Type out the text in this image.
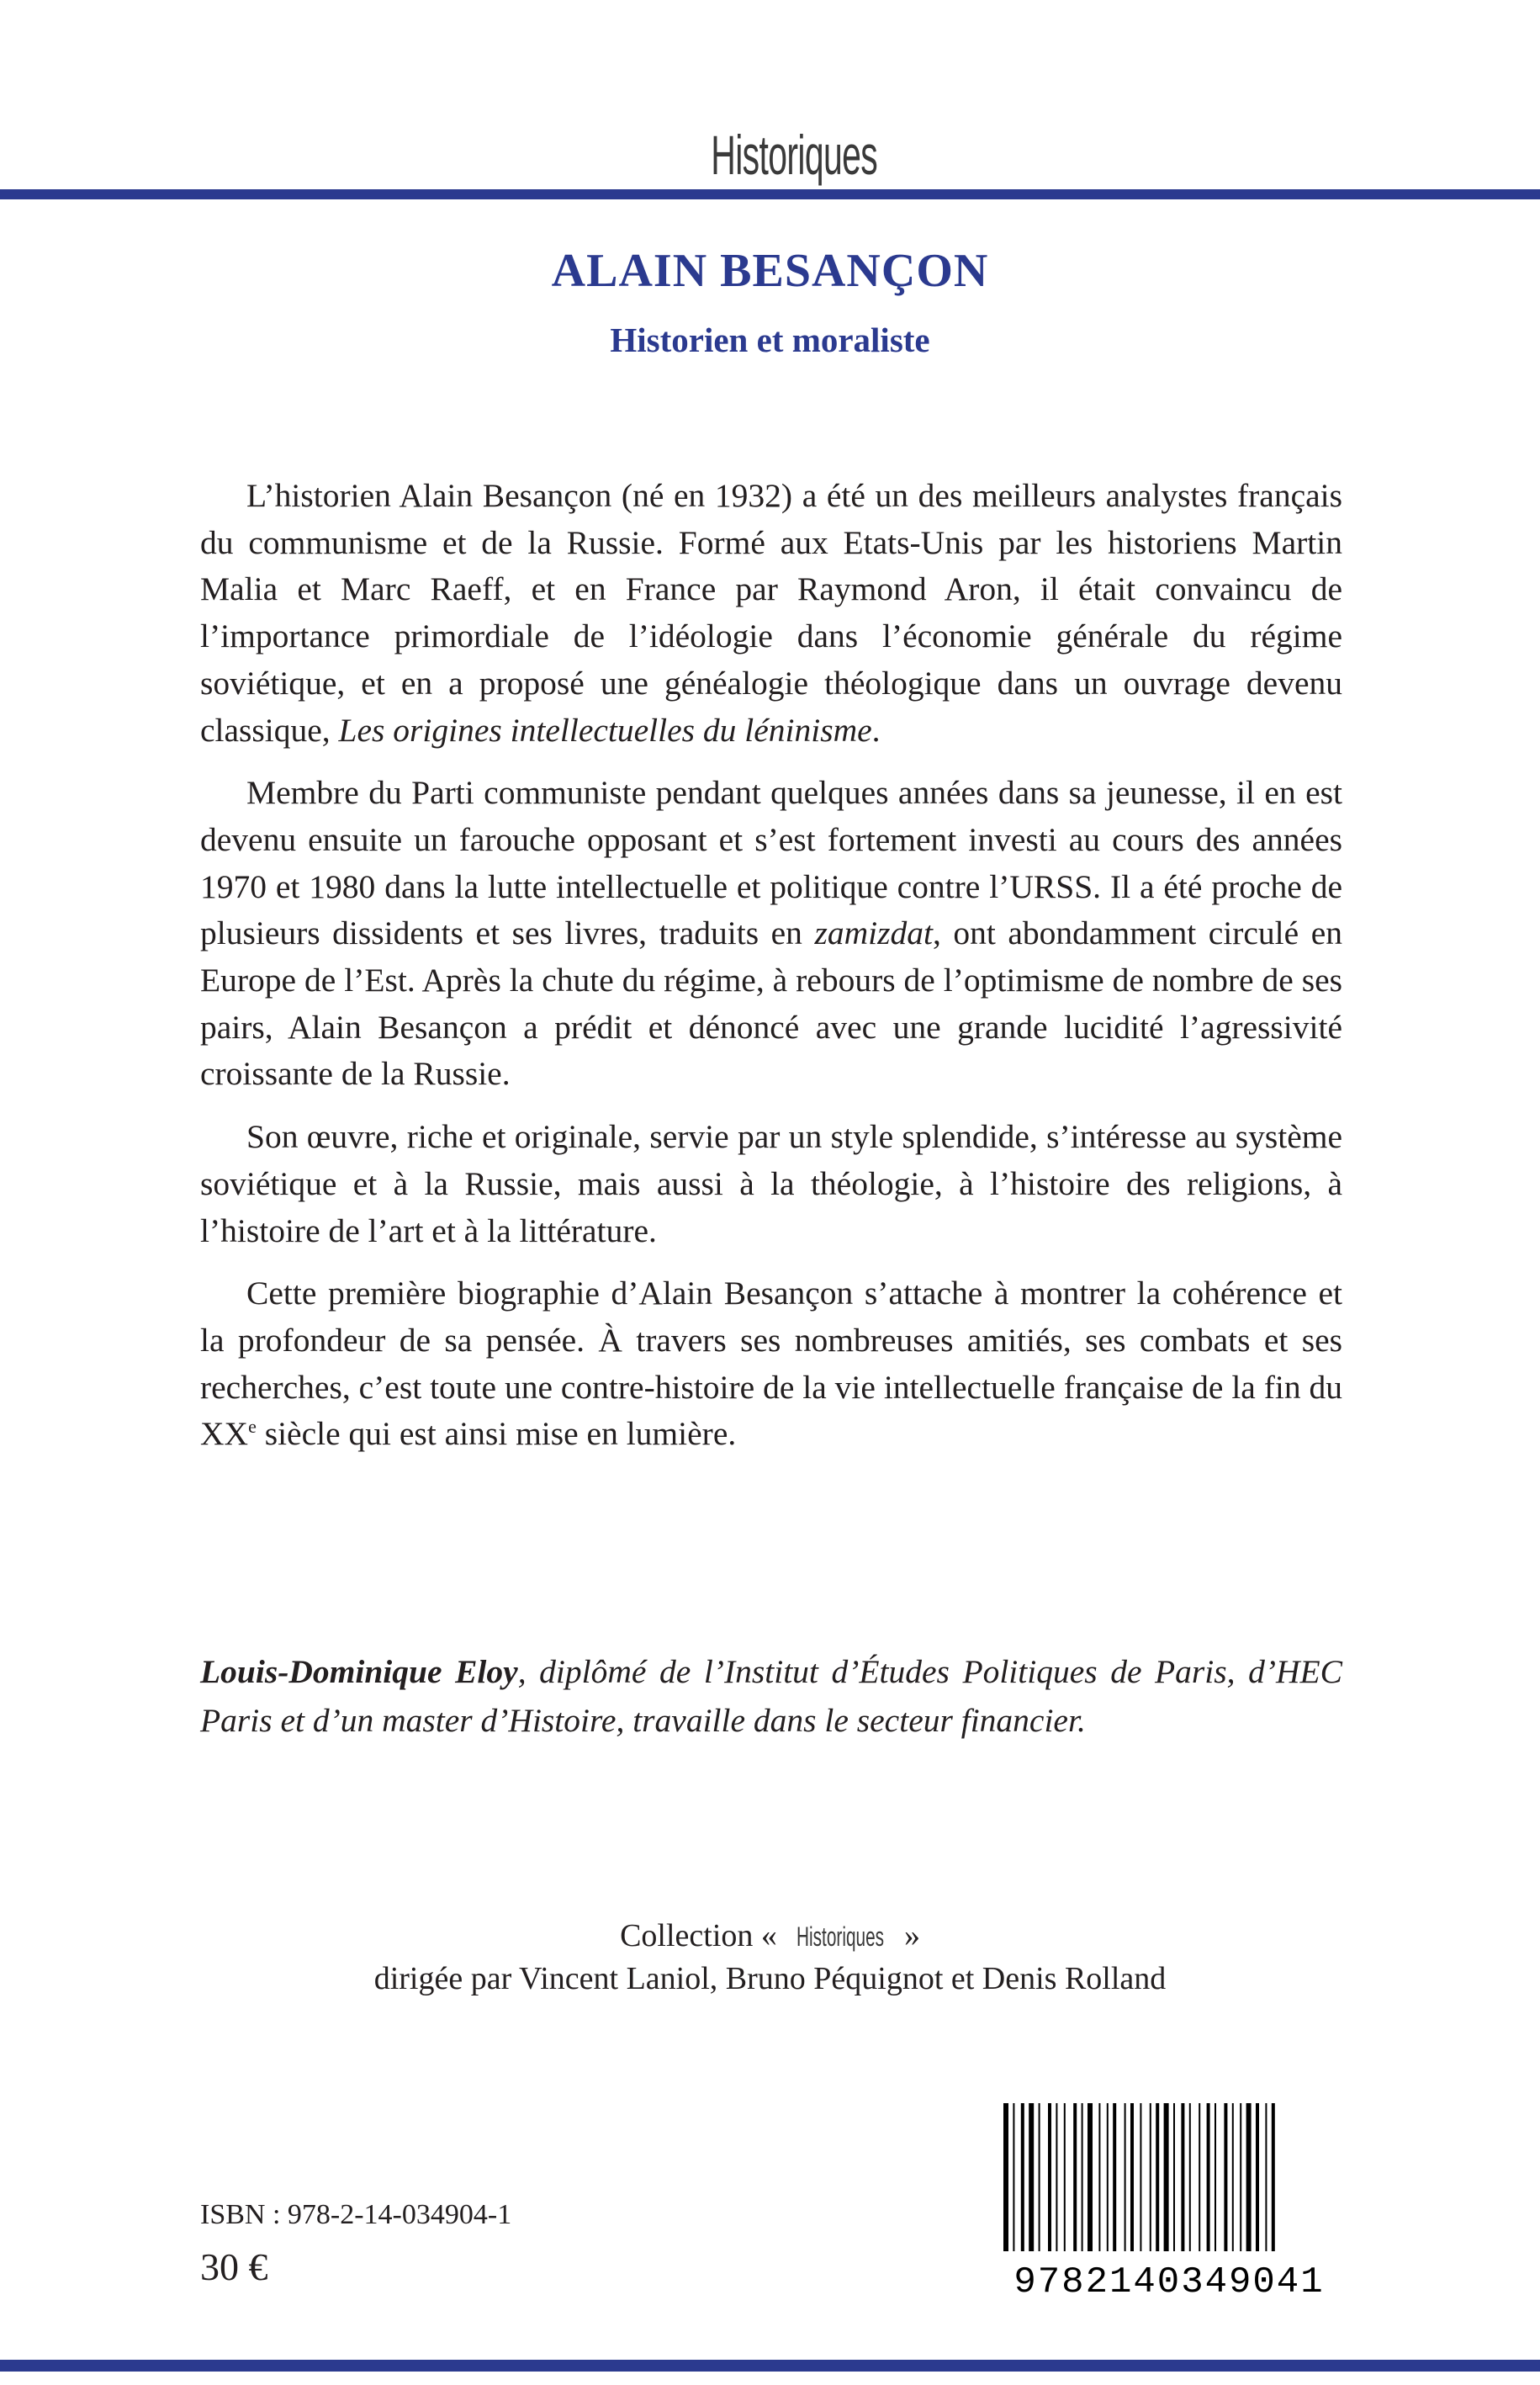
Historiques
ALAIN BESANÇON
Historien et moraliste

L’historien Alain Besançon (né en 1932) a été un des meilleurs analystes français du communisme et de la Russie. Formé aux Etats-Unis par les historiens Martin Malia et Marc Raeff, et en France par Raymond Aron, il était convaincu de l’importance primordiale de l’idéologie dans l’économie générale du régime soviétique, et en a proposé une généalogie théologique dans un ouvrage devenu classique, Les origines intellectuelles du léninisme.

Membre du Parti communiste pendant quelques années dans sa jeunesse, il en est devenu ensuite un farouche opposant et s’est fortement investi au cours des années 1970 et 1980 dans la lutte intellectuelle et politique contre l’URSS. Il a été proche de plusieurs dissidents et ses livres, traduits en zamizdat, ont abondamment circulé en Europe de l’Est. Après la chute du régime, à rebours de l’optimisme de nombre de ses pairs, Alain Besançon a prédit et dénoncé avec une grande lucidité l’agressivité croissante de la Russie.

Son œuvre, riche et originale, servie par un style splendide, s’intéresse au système soviétique et à la Russie, mais aussi à la théologie, à l’histoire des religions, à l’histoire de l’art et à la littérature.

Cette première biographie d’Alain Besançon s’attache à montrer la cohérence et la profondeur de sa pensée. À travers ses nombreuses amitiés, ses combats et ses recherches, c’est toute une contre-histoire de la vie intellectuelle française de la fin du XXe siècle qui est ainsi mise en lumière.

Louis-Dominique Eloy, diplômé de l’Institut d’Études Politiques de Paris, d’HEC Paris et d’un master d’Histoire, travaille dans le secteur financier.
Collection « Historiques »
dirigée par Vincent Laniol, Bruno Péquignot et Denis Rolland
9782140349041
ISBN : 978-2-14-034904-1
30 €
